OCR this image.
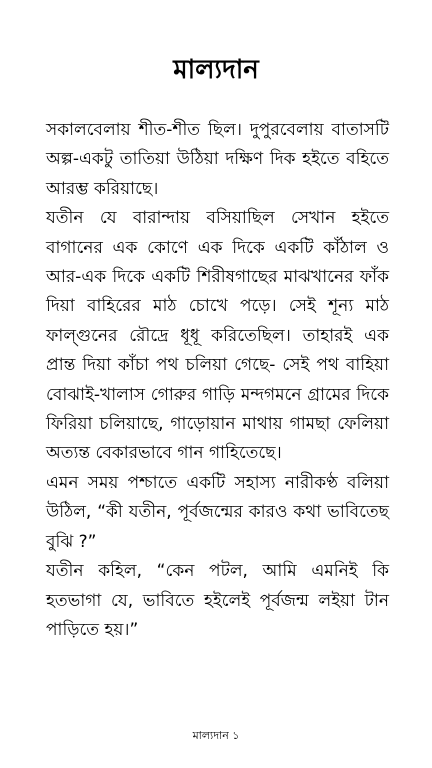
মাল্যদান

সকালবেলায় শীত-শীত ছিল। দুপুরবেলায় বাতাসটি অল্প-একটু তাতিয়া উঠিয়া দক্ষিণ দিক হইতে বহিতে আরম্ভ করিয়াছে।

যতীন যে বারান্দায় বসিয়াছিল সেখান হইতে বাগানের এক কোণে এক দিকে একটি কাঁঠাল ও আর-এক দিকে একটি শিরীষগাছের মাঝখানের ফাঁক দিয়া বাহিরের মাঠ চোখে পড়ে। সেই শূন্য মাঠ ফাল্গুনের রৌদ্রে ধূধূ করিতেছিল। তাহারই এক প্রান্ত দিয়া কাঁচা পথ চলিয়া গেছে- সেই পথ বাহিয়া বোঝাই-খালাস গোরুর গাড়ি মন্দগমনে গ্রামের দিকে ফিরিয়া চলিয়াছে, গাড়োয়ান মাথায় গামছা ফেলিয়া অত্যন্ত বেকারভাবে গান গাহিতেছে।

এমন সময় পশ্চাতে একটি সহাস্য নারীকণ্ঠ বলিয়া উঠিল, “কী যতীন, পূর্বজন্মের কারও কথা ভাবিতেছ বুঝি ?”

যতীন কহিল, “কেন পটল, আমি এমনিই কি হতভাগা যে, ভাবিতে হইলেই পূর্বজন্ম লইয়া টান পাড়িতে হয়।”

মাল্যদান ১
